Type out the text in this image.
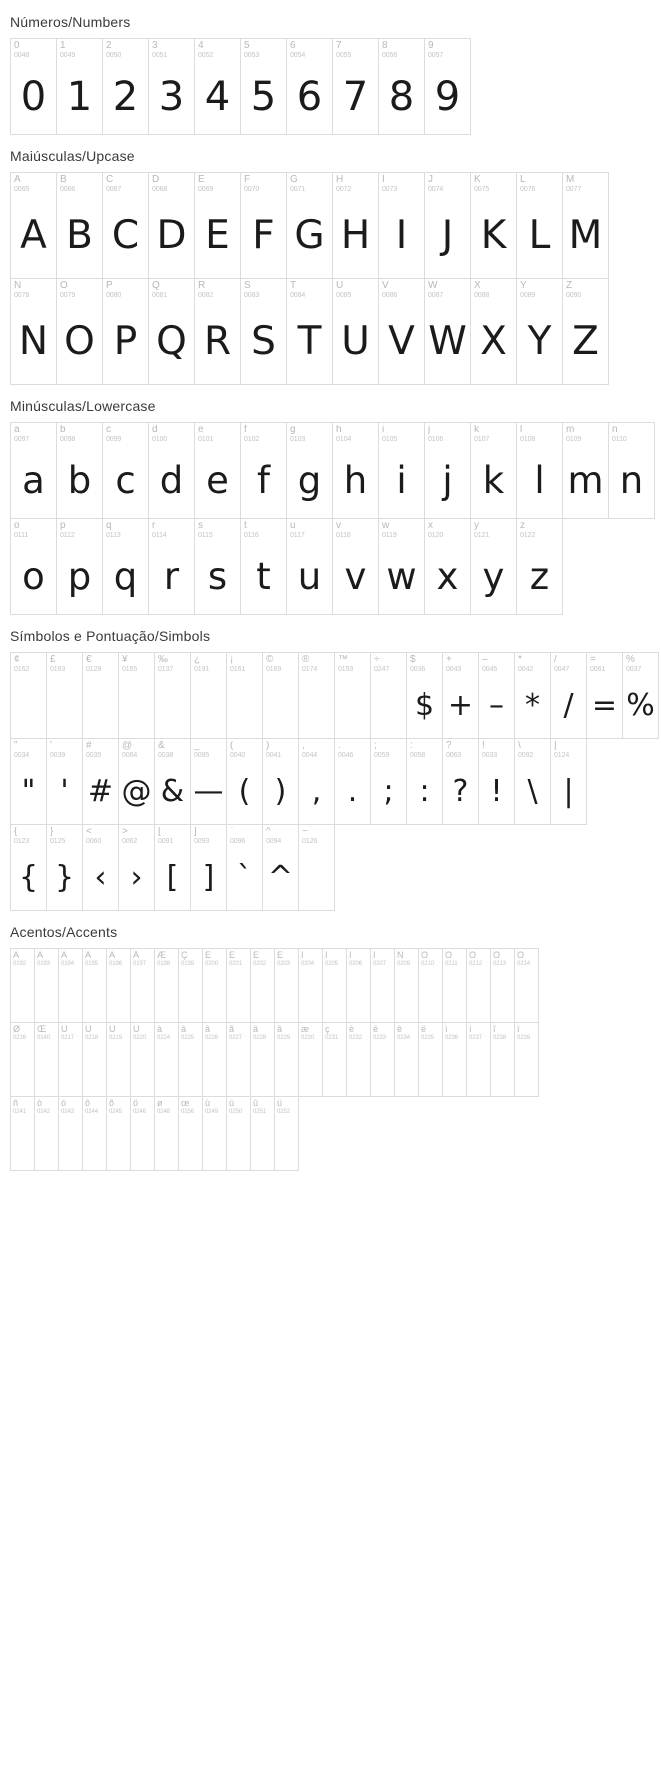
Números/Numbers
0
0048
0
1
0049
1
2
0050
2
3
0051
3
4
0052
4
5
0053
5
6
0054
6
7
0055
7
8
0056
8
9
0057
9
Maiúsculas/Upcase
A
0065
A
B
0066
B
C
0067
C
D
0068
D
E
0069
E
F
0070
F
G
0071
G
H
0072
H
I
0073
I
J
0074
J
K
0075
K
L
0076
L
M
0077
M
N
0078
N
O
0079
O
P
0080
P
Q
0081
Q
R
0082
R
S
0083
S
T
0084
T
U
0085
U
V
0086
V
W
0087
W
X
0088
X
Y
0089
Y
Z
0090
Z
Minúsculas/Lowercase
a
0097
a
b
0098
b
c
0099
c
d
0100
d
e
0101
e
f
0102
f
g
0103
g
h
0104
h
i
0105
i
j
0106
j
k
0107
k
l
0108
l
m
0109
m
n
0110
n
o
0111
o
p
0112
p
q
0113
q
r
0114
r
s
0115
s
t
0116
t
u
0117
u
v
0118
v
w
0119
w
x
0120
x
y
0121
y
z
0122
z
Símbolos e Pontuação/Simbols
¢
0162
£
0163
€
0128
¥
0165
‰
0137
¿
0191
¡
0161
©
0169
®
0174
™
0153
÷
0247
$
0036
$
+
0043
+
–
0045
–
*
0042
*
/
0047
/
=
0061
=
%
0037
%
"
0034
"
'
0039
'
#
0035
#
@
0064
@
&
0038
&
_
0095
—
(
0040
(
)
0041
)
,
0044
,
.
0046
.
;
0059
;
:
0058
:
?
0063
?
!
0033
!
\
0092
\
|
0124
|
{
0123
{
}
0125
}
<
0060
‹
>
0062
›
[
0091
[
]
0093
]
`
0096
`
^
0094
^
~
0126
Acentos/Accents
À
0192
Á
0193
Â
0194
Ã
0195
Ä
0196
Å
0197
Æ
0198
Ç
0199
È
0200
É
0201
Ê
0202
Ë
0203
Ì
0204
Í
0205
Î
0206
Ï
0207
Ñ
0209
Ò
0210
Ó
0211
Ô
0212
Õ
0213
Ö
0214
Ø
0216
Œ
0140
Ù
0217
Ú
0218
Û
0219
Ü
0220
à
0224
á
0225
â
0226
ã
0227
ä
0228
å
0229
æ
0230
ç
0231
è
0232
é
0233
ê
0234
ë
0235
ì
0236
í
0237
î
0238
ï
0239
ñ
0241
ò
0242
ó
0243
ô
0244
õ
0245
ö
0246
ø
0248
œ
0156
ù
0249
ú
0250
û
0251
ü
0252
